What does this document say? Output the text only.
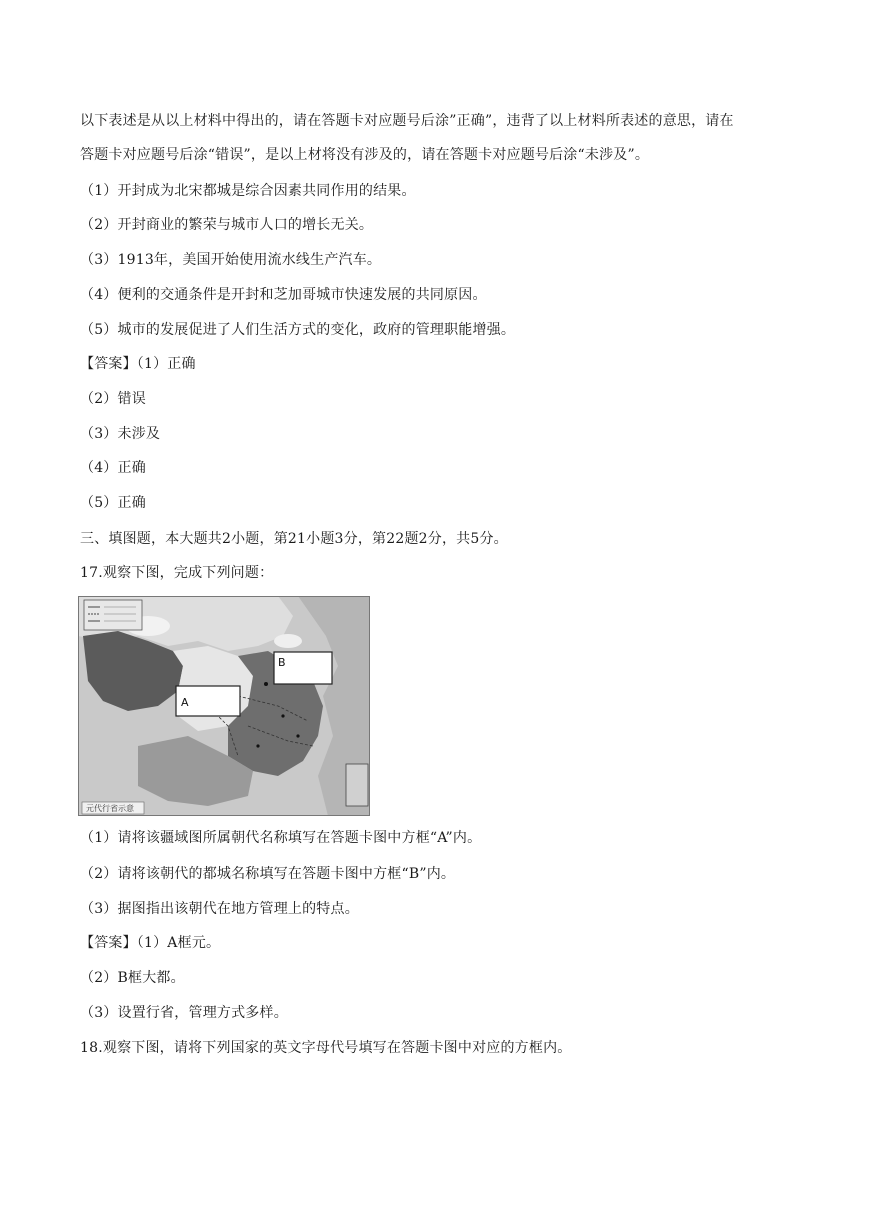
以下表述是从以上材料中得出的，请在答题卡对应题号后涂”正确”，违背了以上材料所表述的意思，请在
答题卡对应题号后涂“错误”，是以上材将没有涉及的，请在答题卡对应题号后涂“未涉及”。
（1）开封成为北宋都城是综合因素共同作用的结果。
（2）开封商业的繁荣与城市人口的增长无关。
（3）1913年，美国开始使用流水线生产汽车。
（4）便利的交通条件是开封和芝加哥城市快速发展的共同原因。
（5）城市的发展促进了人们生活方式的变化，政府的管理职能增强。
【答案】（1）正确
（2）错误
（3）未涉及
（4）正确
（5）正确
三、填图题，本大题共2小题，第21小题3分，第22题2分，共5分。
17.观察下图，完成下列问题：
A
B
元代行省示意
（1）请将该疆域图所属朝代名称填写在答题卡图中方框“A”内。
（2）请将该朝代的都城名称填写在答题卡图中方框“B”内。
（3）据图指出该朝代在地方管理上的特点。
【答案】（1）A框元。
（2）B框大都。
（3）设置行省，管理方式多样。
18.观察下图，请将下列国家的英文字母代号填写在答题卡图中对应的方框内。
